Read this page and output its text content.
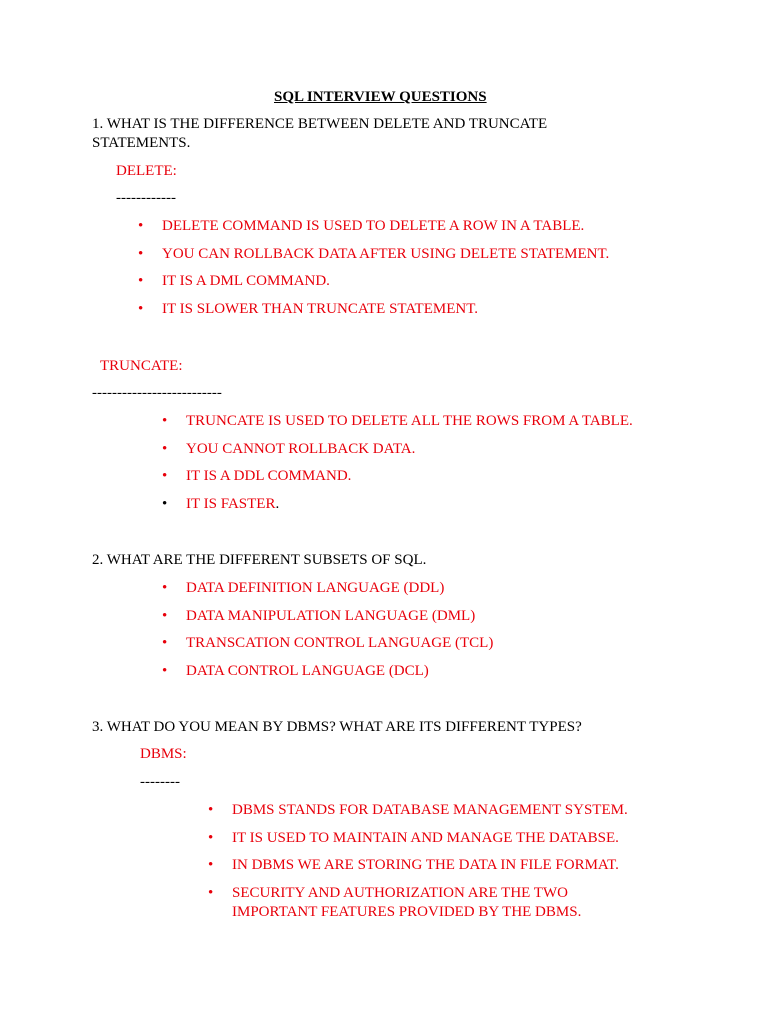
SQL INTERVIEW QUESTIONS
1. WHAT IS THE DIFFERENCE BETWEEN DELETE AND TRUNCATE
STATEMENTS.
DELETE:
------------
• DELETE COMMAND IS USED TO DELETE A ROW IN A TABLE.
• YOU CAN ROLLBACK DATA AFTER USING DELETE STATEMENT.
• IT IS A DML COMMAND.
• IT IS SLOWER THAN TRUNCATE STATEMENT.
TRUNCATE:
--------------------------
• TRUNCATE IS USED TO DELETE ALL THE ROWS FROM A TABLE.
• YOU CANNOT ROLLBACK DATA.
• IT IS A DDL COMMAND.
• IT IS FASTER.
2. WHAT ARE THE DIFFERENT SUBSETS OF SQL.
• DATA DEFINITION LANGUAGE (DDL)
• DATA MANIPULATION LANGUAGE (DML)
• TRANSCATION CONTROL LANGUAGE (TCL)
• DATA CONTROL LANGUAGE (DCL)
3. WHAT DO YOU MEAN BY DBMS? WHAT ARE ITS DIFFERENT TYPES?
DBMS:
--------
• DBMS STANDS FOR DATABASE MANAGEMENT SYSTEM.
• IT IS USED TO MAINTAIN AND MANAGE THE DATABSE.
• IN DBMS WE ARE STORING THE DATA IN FILE FORMAT.
• SECURITY AND AUTHORIZATION ARE THE TWO
IMPORTANT FEATURES PROVIDED BY THE DBMS.
